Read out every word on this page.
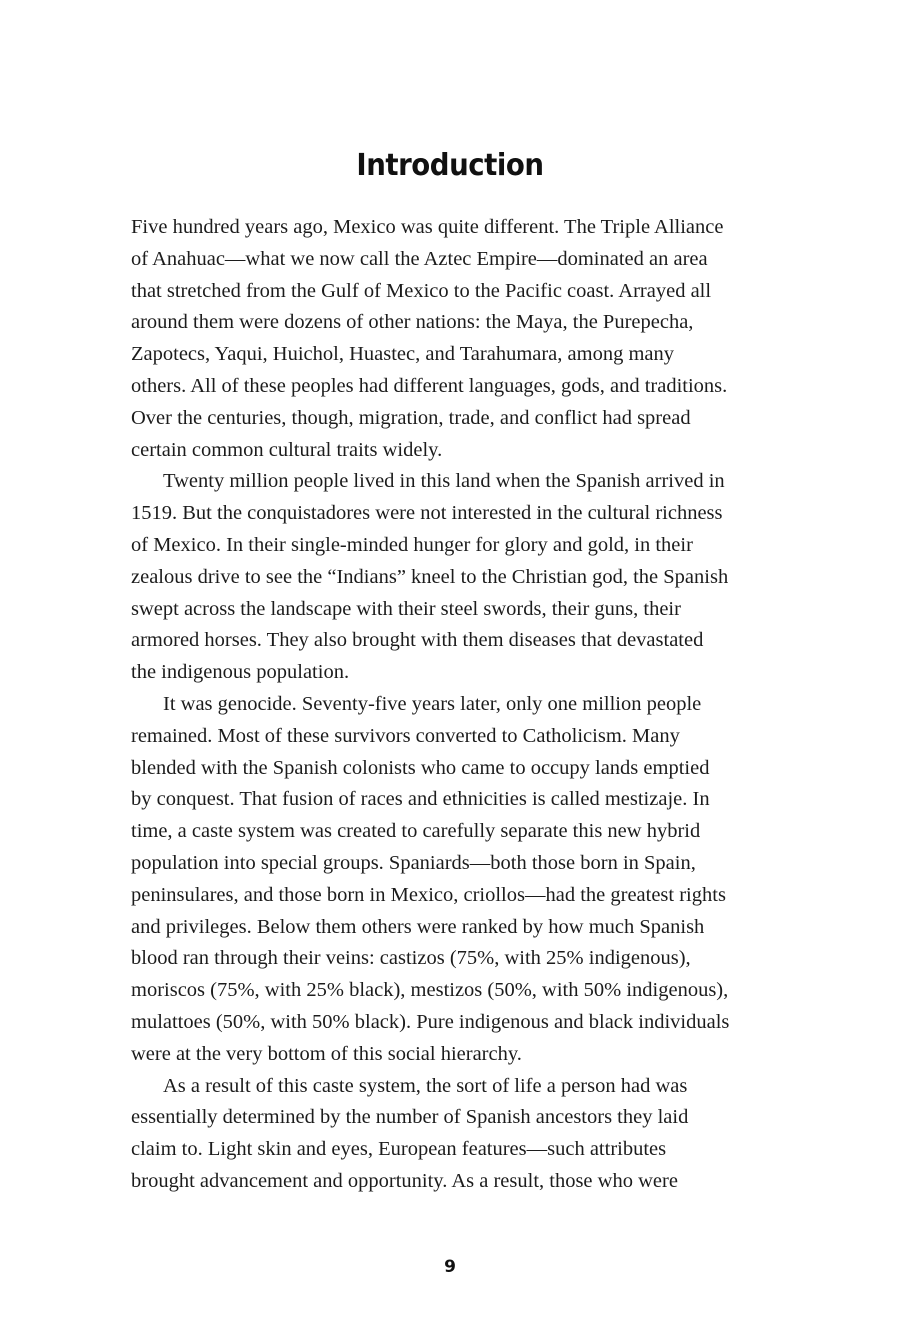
Introduction
Five hundred years ago, Mexico was quite different. The Triple Alliance
of Anahuac—what we now call the Aztec Empire—dominated an area
that stretched from the Gulf of Mexico to the Pacific coast. Arrayed all
around them were dozens of other nations: the Maya, the Purepecha,
Zapotecs, Yaqui, Huichol, Huastec, and Tarahumara, among many
others. All of these peoples had different languages, gods, and traditions.
Over the centuries, though, migration, trade, and conflict had spread
certain common cultural traits widely.
Twenty million people lived in this land when the Spanish arrived in
1519. But the conquistadores were not interested in the cultural richness
of Mexico. In their single-minded hunger for glory and gold, in their
zealous drive to see the “Indians” kneel to the Christian god, the Spanish
swept across the landscape with their steel swords, their guns, their
armored horses. They also brought with them diseases that devastated
the indigenous population.
It was genocide. Seventy-five years later, only one million people
remained. Most of these survivors converted to Catholicism. Many
blended with the Spanish colonists who came to occupy lands emptied
by conquest. That fusion of races and ethnicities is called mestizaje. In
time, a caste system was created to carefully separate this new hybrid
population into special groups. Spaniards—both those born in Spain,
peninsulares, and those born in Mexico, criollos—had the greatest rights
and privileges. Below them others were ranked by how much Spanish
blood ran through their veins: castizos (75%, with 25% indigenous),
moriscos (75%, with 25% black), mestizos (50%, with 50% indigenous),
mulattoes (50%, with 50% black). Pure indigenous and black individuals
were at the very bottom of this social hierarchy.
As a result of this caste system, the sort of life a person had was
essentially determined by the number of Spanish ancestors they laid
claim to. Light skin and eyes, European features—such attributes
brought advancement and opportunity. As a result, those who were
9
